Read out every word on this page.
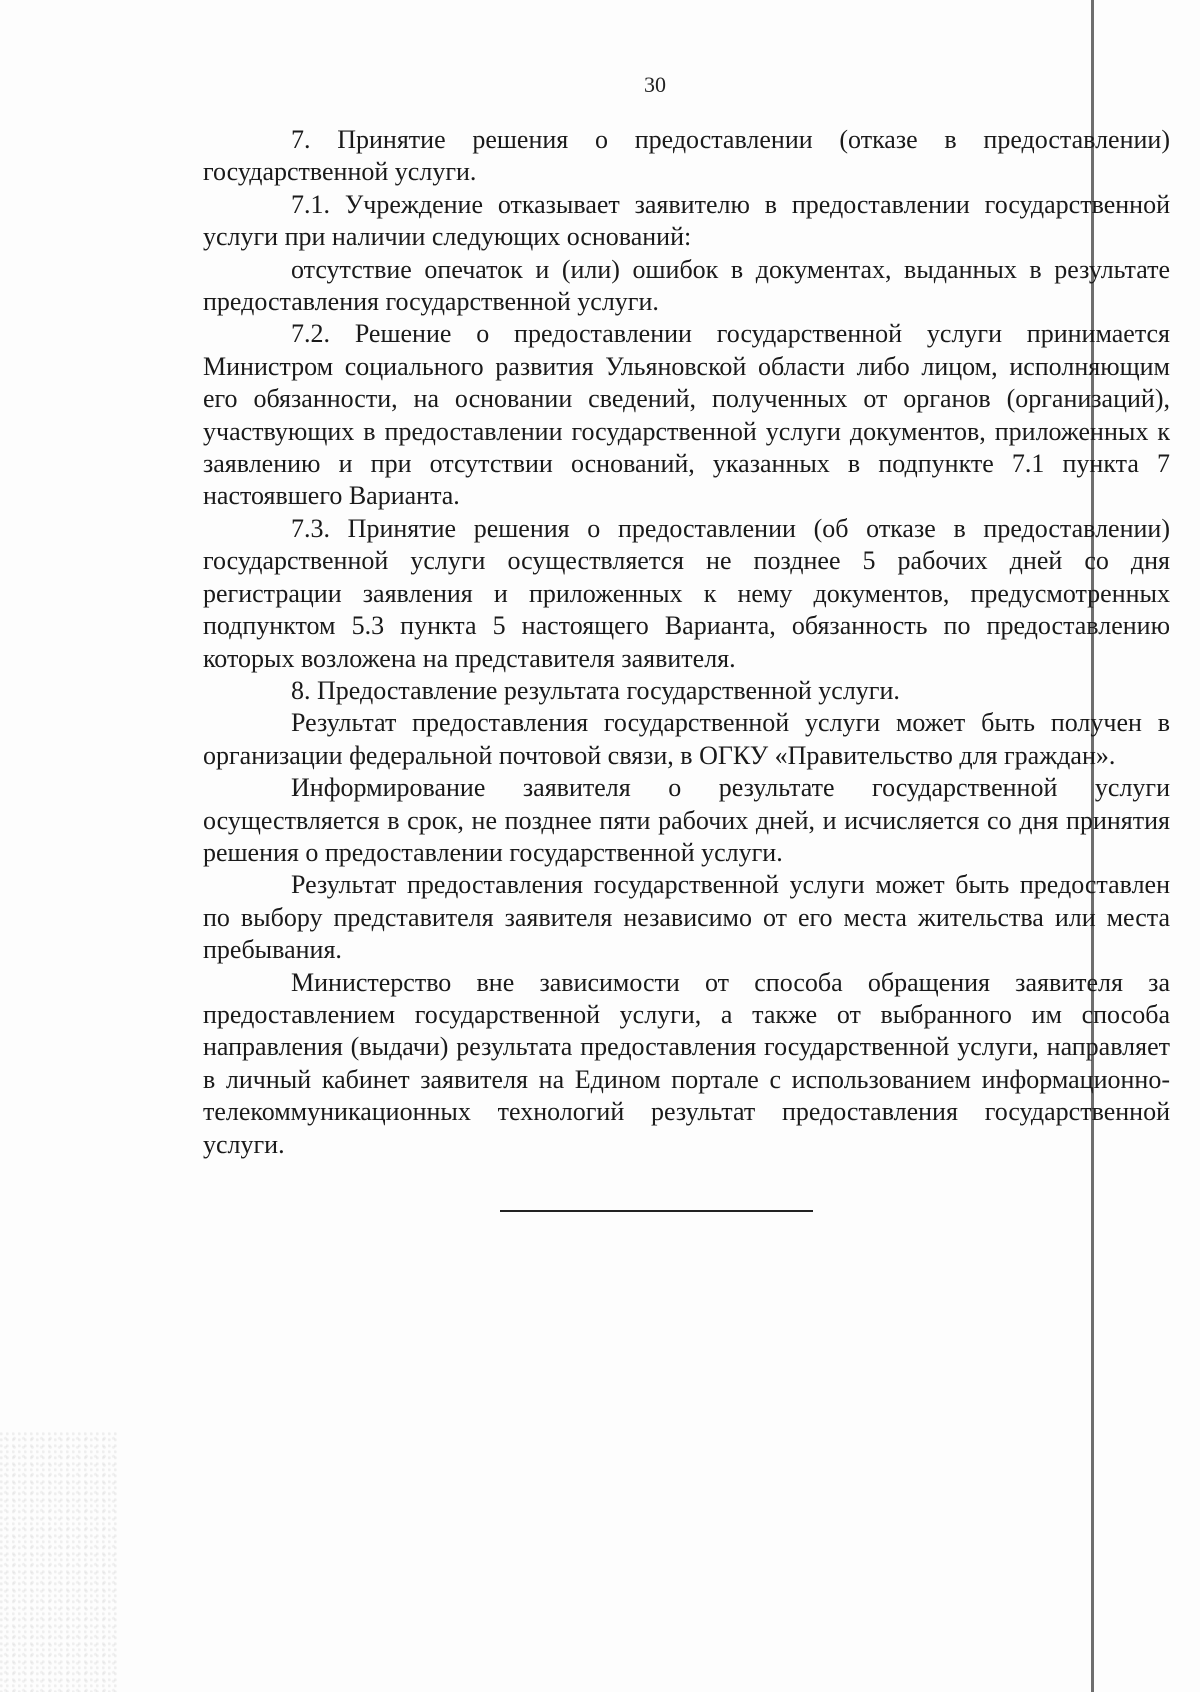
30

7. Принятие решения о предоставлении (отказе в предоставлении) государственной услуги.

7.1. Учреждение отказывает заявителю в предоставлении государственной услуги при наличии следующих оснований:

отсутствие опечаток и (или) ошибок в документах, выданных в результате предоставления государственной услуги.

7.2. Решение о предоставлении государственной услуги принимается Министром социального развития Ульяновской области либо лицом, исполняющим его обязанности, на основании сведений, полученных от органов (организаций), участвующих в предоставлении государственной услуги документов, приложенных к заявлению и при отсутствии оснований, указанных в подпункте 7.1 пункта 7 настоявшего Варианта.

7.3. Принятие решения о предоставлении (об отказе в предоставлении) государственной услуги осуществляется не позднее 5 рабочих дней со дня регистрации заявления и приложенных к нему документов, предусмотренных подпунктом 5.3 пункта 5 настоящего Варианта, обязанность по предоставлению которых возложена на представителя заявителя.

8. Предоставление результата государственной услуги.

Результат предоставления государственной услуги может быть получен в организации федеральной почтовой связи, в ОГКУ «Правительство для граждан».

Информирование заявителя о результате государственной услуги осуществляется в срок, не позднее пяти рабочих дней, и исчисляется со дня принятия решения о предоставлении государственной услуги.

Результат предоставления государственной услуги может быть предоставлен по выбору представителя заявителя независимо от его места жительства или места пребывания.

Министерство вне зависимости от способа обращения заявителя за предоставлением государственной услуги, а также от выбранного им способа направления (выдачи) результата предоставления государственной услуги, направляет в личный кабинет заявителя на Едином портале с использованием информационно-телекоммуникационных технологий результат предоставления государственной услуги.
